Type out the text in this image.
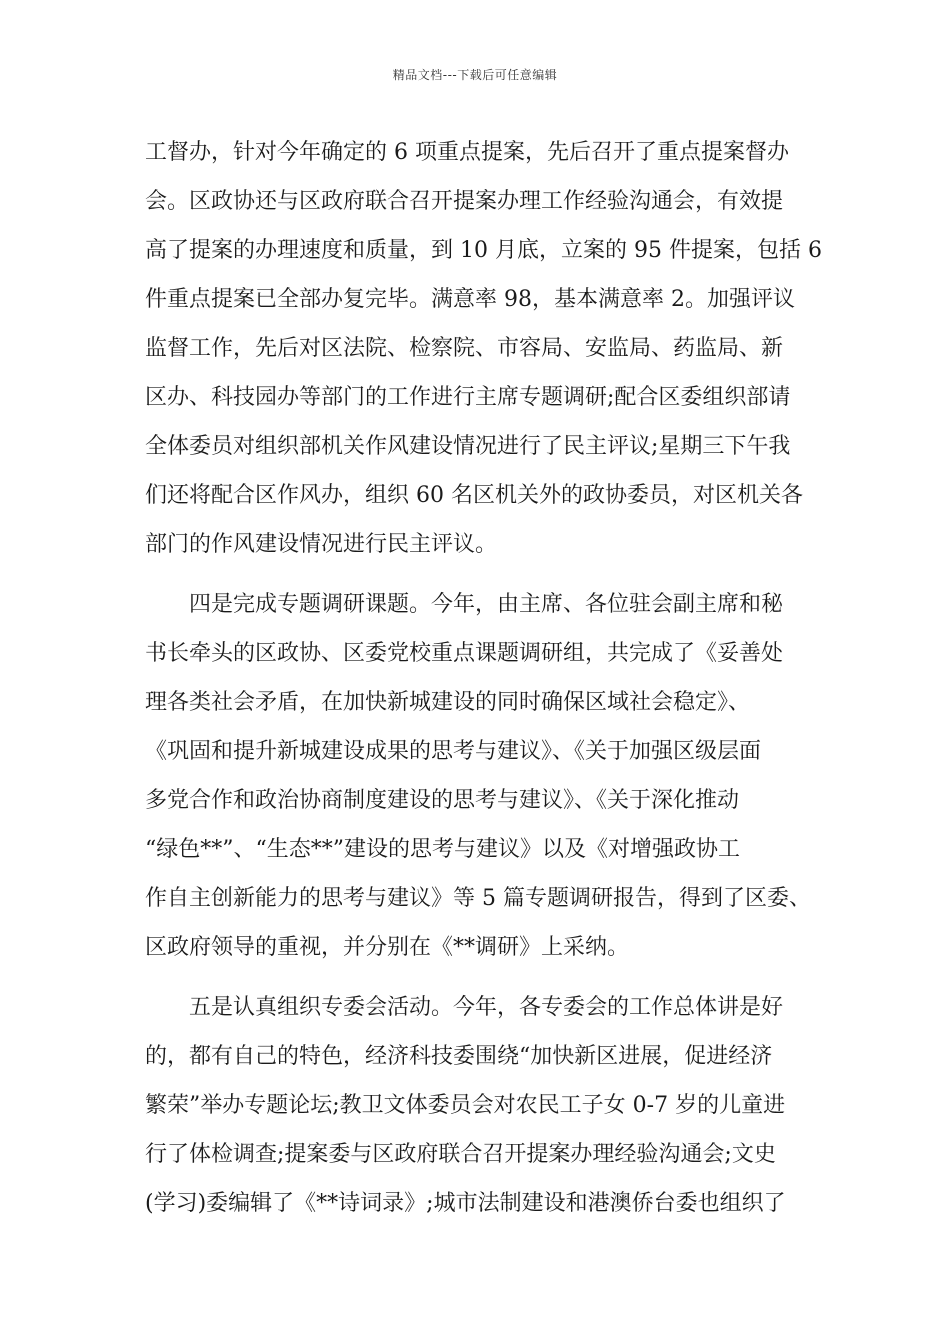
精品文档---下载后可任意编辑
工督办，针对今年确定的 6 项重点提案，先后召开了重点提案督办
会。区政协还与区政府联合召开提案办理工作经验沟通会，有效提
高了提案的办理速度和质量，到 10 月底，立案的 95 件提案，包括 6
件重点提案已全部办复完毕。满意率 98，基本满意率 2。加强评议
监督工作，先后对区法院、检察院、市容局、安监局、药监局、新
区办、科技园办等部门的工作进行主席专题调研;配合区委组织部请
全体委员对组织部机关作风建设情况进行了民主评议;星期三下午我
们还将配合区作风办，组织 60 名区机关外的政协委员，对区机关各
部门的作风建设情况进行民主评议。
四是完成专题调研课题。今年，由主席、各位驻会副主席和秘
书长牵头的区政协、区委党校重点课题调研组，共完成了《妥善处
理各类社会矛盾，在加快新城建设的同时确保区域社会稳定》、
《巩固和提升新城建设成果的思考与建议》、《关于加强区级层面
多党合作和政治协商制度建设的思考与建议》、《关于深化推动
“绿色**”、“生态**”建设的思考与建议》以及《对增强政协工
作自主创新能力的思考与建议》等 5 篇专题调研报告，得到了区委、
区政府领导的重视，并分别在《**调研》上采纳。
五是认真组织专委会活动。今年，各专委会的工作总体讲是好
的，都有自己的特色，经济科技委围绕“加快新区进展，促进经济
繁荣”举办专题论坛;教卫文体委员会对农民工子女 0-7 岁的儿童进
行了体检调查;提案委与区政府联合召开提案办理经验沟通会;文史
(学习)委编辑了《**诗词录》;城市法制建设和港澳侨台委也组织了
